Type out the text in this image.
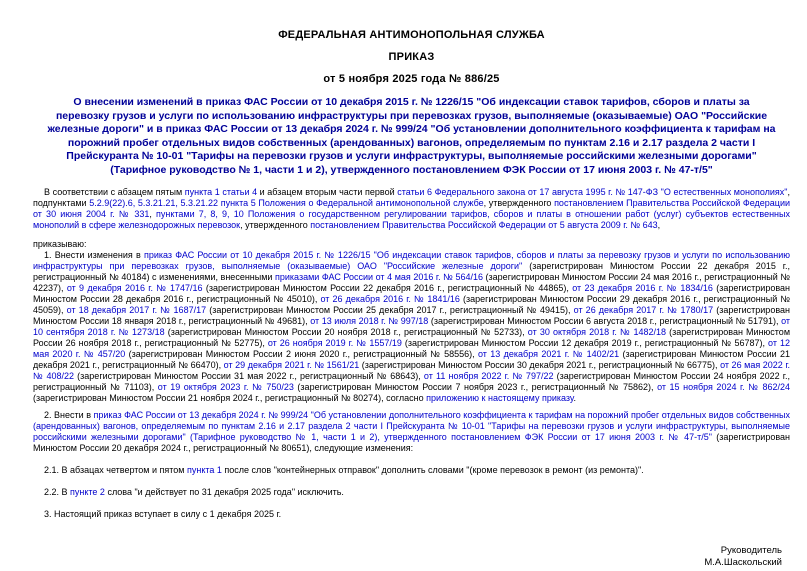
ФЕДЕРАЛЬНАЯ АНТИМОНОПОЛЬНАЯ СЛУЖБА
ПРИКАЗ
от 5 ноября 2025 года № 886/25
О внесении изменений в приказ ФАС России от 10 декабря 2015 г. № 1226/15 "Об индексации ставок тарифов, сборов и платы за перевозку грузов и услуги по использованию инфраструктуры при перевозках грузов, выполняемые (оказываемые) ОАО "Российские железные дороги" и в приказ ФАС России от 13 декабря 2024 г. № 999/24 "Об установлении дополнительного коэффициента к тарифам на порожний пробег отдельных видов собственных (арендованных) вагонов, определяемым по пунктам 2.16 и 2.17 раздела 2 части I Прейскуранта № 10-01 "Тарифы на перевозки грузов и услуги инфраструктуры, выполняемые российскими железными дорогами" (Тарифное руководство № 1, части 1 и 2), утвержденного постановлением ФЭК России от 17 июня 2003 г. № 47-т/5"

В соответствии с абзацем пятым пункта 1 статьи 4 и абзацем вторым части первой статьи 6 Федерального закона от 17 августа 1995 г. № 147-ФЗ "О естественных монополиях", подпунктами 5.2.9(22).6, 5.3.21.21, 5.3.21.22 пункта 5 Положения о Федеральной антимонопольной службе, утвержденного постановлением Правительства Российской Федерации от 30 июня 2004 г. № 331, пунктами 7, 8, 9, 10 Положения о государственном регулировании тарифов, сборов и платы в отношении работ (услуг) субъектов естественных монополий в сфере железнодорожных перевозок, утвержденного постановлением Правительства Российской Федерации от 5 августа 2009 г. № 643,

приказываю:

1. Внести изменения в приказ ФАС России от 10 декабря 2015 г. № 1226/15 "Об индексации ставок тарифов, сборов и платы за перевозку грузов и услуги по использованию инфраструктуры при перевозках грузов, выполняемые (оказываемые) ОАО "Российские железные дороги" (зарегистрирован Минюстом России 22 декабря 2015 г., регистрационный № 40184) с изменениями, внесенными приказами ФАС России от 4 мая 2016 г. № 564/16 (зарегистрирован Минюстом России 24 мая 2016 г., регистрационный № 42237), от 9 декабря 2016 г. № 1747/16 (зарегистрирован Минюстом России 22 декабря 2016 г., регистрационный № 44865), от 23 декабря 2016 г. № 1834/16 (зарегистрирован Минюстом России 28 декабря 2016 г., регистрационный № 45010), от 26 декабря 2016 г. № 1841/16 (зарегистрирован Минюстом России 29 декабря 2016 г., регистрационный № 45059), от 18 декабря 2017 г. № 1687/17 (зарегистрирован Минюстом России 25 декабря 2017 г., регистрационный № 49415), от 26 декабря 2017 г. № 1780/17 (зарегистрирован Минюстом России 18 января 2018 г., регистрационный № 49681), от 13 июля 2018 г. № 997/18 (зарегистрирован Минюстом России 6 августа 2018 г., регистрационный № 51791), от 10 сентября 2018 г. № 1273/18 (зарегистрирован Минюстом России 20 ноября 2018 г., регистрационный № 52733), от 30 октября 2018 г. № 1482/18 (зарегистрирован Минюстом России 26 ноября 2018 г., регистрационный № 52775), от 26 ноября 2019 г. № 1557/19 (зарегистрирован Минюстом России 12 декабря 2019 г., регистрационный № 56787), от 12 мая 2020 г. № 457/20 (зарегистрирован Минюстом России 2 июня 2020 г., регистрационный № 58556), от 13 декабря 2021 г. № 1402/21 (зарегистрирован Минюстом России 21 декабря 2021 г., регистрационный № 66470), от 29 декабря 2021 г. № 1561/21 (зарегистрирован Минюстом России 30 декабря 2021 г., регистрационный № 66775), от 26 мая 2022 г. № 408/22 (зарегистрирован Минюстом России 31 мая 2022 г., регистрационный № 68643), от 11 ноября 2022 г. № 797/22 (зарегистрирован Минюстом России 24 ноября 2022 г., регистрационный № 71103), от 19 октября 2023 г. № 750/23 (зарегистрирован Минюстом России 7 ноября 2023 г., регистрационный № 75862), от 15 ноября 2024 г. № 862/24 (зарегистрирован Минюстом России 21 ноября 2024 г., регистрационный № 80274), согласно приложению к настоящему приказу.

2. Внести в приказ ФАС России от 13 декабря 2024 г. № 999/24 "Об установлении дополнительного коэффициента к тарифам на порожний пробег отдельных видов собственных (арендованных) вагонов, определяемым по пунктам 2.16 и 2.17 раздела 2 части I Прейскуранта № 10-01 "Тарифы на перевозки грузов и услуги инфраструктуры, выполняемые российскими железными дорогами" (Тарифное руководство № 1, части 1 и 2), утвержденного постановлением ФЭК России от 17 июня 2003 г. № 47-т/5" (зарегистрирован Минюстом России 20 декабря 2024 г., регистрационный № 80651), следующие изменения:

2.1. В абзацах четвертом и пятом пункта 1 после слов "контейнерных отправок" дополнить словами "(кроме перевозок в ремонт (из ремонта)".

2.2. В пункте 2 слова "и действует по 31 декабря 2025 года" исключить.

3. Настоящий приказ вступает в силу с 1 декабря 2025 г.

Руководитель
М.А.Шаскольский
